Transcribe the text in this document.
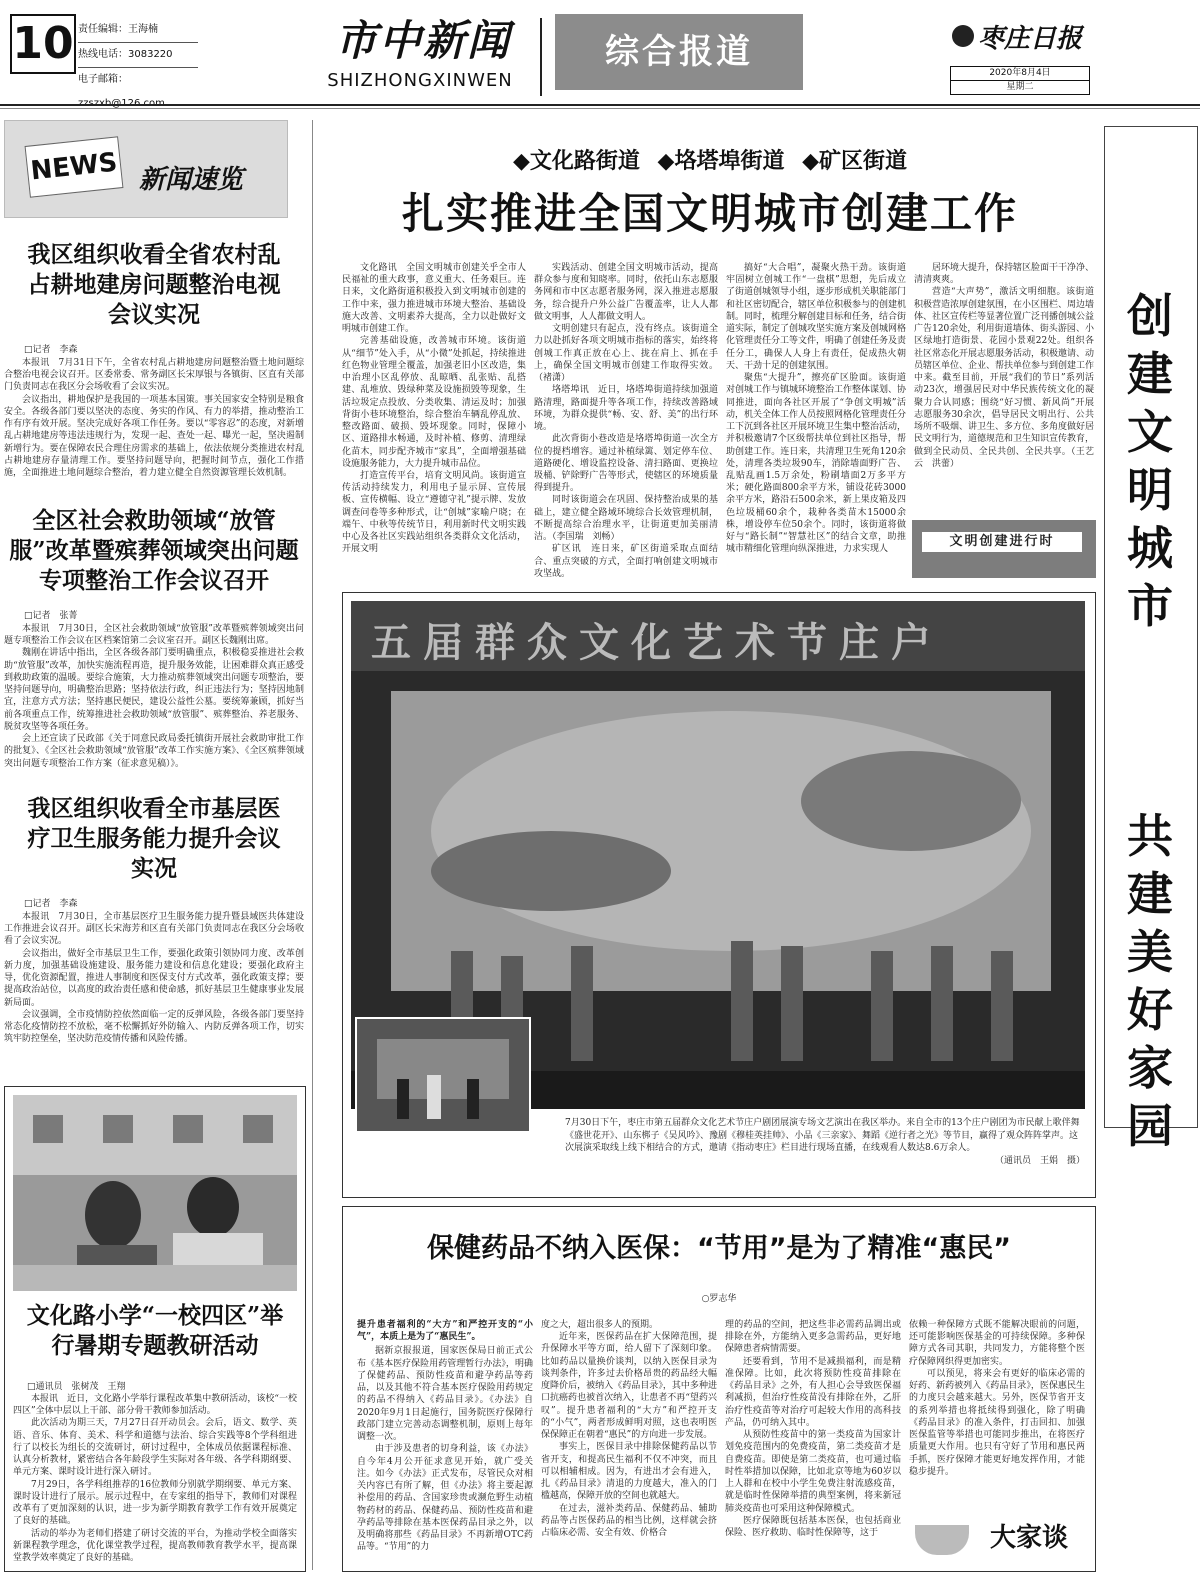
10 责任编辑：王海楠
热线电话：3083220
电子邮箱：
市中新闻
SHIZHONGXINWEN
综合报道	枣庄日报
2020年8月4日
星期二
NEWS 新闻速览
我区组织收看全省农村乱占耕地建房问题整治电视会议实况
□记者　李森

本报讯　7月31日下午，全省农村乱占耕地建房问题整治暨土地问题综合整治电视会议召开。区委常委、常务副区长宋厚银与各镇街、区直有关部门负责同志在我区分会场收看了会议实况。

会议指出，耕地保护是我国的一项基本国策。事关国家安全特别是粮食安全。各级各部门要以坚决的态度、务实的作风、有力的举措，推动整治工作有序有效开展。坚决完成好各项工作任务。要以“零容忍”的态度，对新增乱占耕地建房等违法违规行为，发现一起、查处一起、曝光一起，坚决遏制新增行为。要在保障农民合理住房需求的基础上，依法依规分类推进农村乱占耕地建房存量清理工作。要坚持问题导向，把握时间节点，强化工作措施，全面推进土地问题综合整治，着力建立健全自然资源管理长效机制。

全区社会救助领域“放管服”改革暨殡葬领域突出问题专项整治工作会议召开
□记者　张菁

本报讯　7月30日，全区社会救助领域“放管服”改革暨殡葬领域突出问题专项整治工作会议在区档案馆第二会议室召开。副区长魏刚出席。

魏刚在讲话中指出，全区各级各部门要明确重点，积极稳妥推进社会救助“放管服”改革，加快实施流程再造，提升服务效能，让困难群众真正感受到救助政策的温暖。要综合施策，大力推动殡葬领域突出问题专项整治，要坚持问题导向，明确整治思路；坚持依法行政，纠正违法行为；坚持因地制宜，注意方式方法；坚持惠民便民，建设公益性公墓。要统筹兼顾，抓好当前各项重点工作，统筹推进社会救助领域“放管服”、殡葬整治、养老服务、脱贫攻坚等各项任务。

会上还宣读了民政部《关于同意民政局委托镇街开展社会救助审批工作的批复》、《全区社会救助领域“放管服”改革工作实施方案》、《全区殡葬领域突出问题专项整治工作方案（征求意见稿）》。

我区组织收看全市基层医疗卫生服务能力提升会议实况
□记者　李森

本报讯　7月30日，全市基层医疗卫生服务能力提升暨县域医共体建设工作推进会议召开。副区长宋海芳和区直有关部门负责同志在我区分会场收看了会议实况。

会议指出，做好全市基层卫生工作，要强化政策引领协同力度、改革创新力度，加强基础设施建设、服务能力建设和信息化建设；要强化政府主导，优化资源配置，推进人事制度和医保支付方式改革，强化政策支撑；要提高政治站位，以高度的政治责任感和使命感，抓好基层卫生健康事业发展新局面。

会议强调，全市疫情防控依然面临一定的反弹风险，各级各部门要坚持常态化疫情防控不放松，毫不松懈抓好外防输入、内防反弹各项工作，切实筑牢防控堡垒，坚决防范疫情传播和风险传播。

文化路小学“一校四区”举行暑期专题教研活动
□通讯员　张树茂　王翔

本报讯　近日，文化路小学举行课程改革集中教研活动，该校“一校四区”全体中层以上干部、部分骨干教师参加活动。

此次活动为期三天，7月27日召开动员会。会后，语文、数学、英语、音乐、体育、美术、科学和道德与法治、综合实践等8个学科组进行了以校长为组长的交流研讨，研讨过程中，全体成员依据课程标准、认真分析教材，紧密结合各年龄段学生实际对各年级、各学科期纲要、单元方案、课时设计进行深入研讨。

7月29日，各学科组推荐的16位教师分别就学期纲要、单元方案、课时设计进行了展示。展示过程中，在专家组的指导下，教师们对课程改革有了更加深刻的认识，进一步为新学期教育教学工作有效开展奠定了良好的基础。

活动的举办为老师们搭建了研讨交流的平台，为推动学校全面落实新课程教学理念，优化课堂教学过程，提高教师教育教学水平，提高课堂教学效率奠定了良好的基础。

◆文化路街道 ◆垎塔埠街道 ◆矿区街道
扎实推进全国文明城市创建工作

文化路讯　全国文明城市创建关乎全市人民福祉的重大政事，意义重大、任务艰巨。连日来，文化路街道积极投入到文明城市创建的工作中来，强力推进城市环境大整治、基础设施大改善、文明素养大提高，全力以赴做好文明城市创建工作。

完善基础设施，改善城市环境。该街道从“细节”处入手，从“小微”处抓起，持续推进红色物业管理全覆盖，加强老旧小区改造，集中治理小区乱停放、乱晾晒、乱张贴、乱搭建、乱堆放、毁绿种菜及设施损毁等现象，生活垃圾定点投放、分类收集、清运及时；加强背街小巷环境整治，综合整治车辆乱停乱放、整改路面、破损、毁坏现象。同时，保障小区、道路排水畅通，及时补植、修剪、清理绿化苗木，同步配齐城市“家具”，全面增强基础设施服务能力，大力提升城市品位。

打造宣传平台，培育文明风尚。该街道宣传活动持续发力，利用电子显示屏、宣传展板、宣传横幅、设立“遵德守礼”提示牌、发放调查问卷等多种形式，让“创城”家喻户晓；在端午、中秋等传统节日，利用新时代文明实践中心及各社区实践站组织各类群众文化活动，开展文明

实践活动、创建全国文明城市活动，提高群众参与度和知晓率。同时，依托山东志愿服务网和市中区志愿者服务网，深入推进志愿服务，综合提升户外公益广告覆盖率，让人人都做文明事，人人都做文明人。

文明创建只有起点，没有终点。该街道全力以赴抓好各项文明城市指标的落实，始终将创城工作真正放在心上、拢在肩上、抓在手上，确保全国文明城市创建工作取得实效。（褚潇）

垎塔埠讯　近日，垎塔埠街道持续加强道路清理，路面提升等各项工作，持续改善路域环境，为群众提供“畅、安、舒、美”的出行环境。

此次背街小巷改造是垎塔埠街道一次全方位的提档增容。通过补植绿篱、划定停车位、道路硬化、增设监控设备、清扫路面、更换垃圾桶、铲除野广告等形式，使辖区的环境质量得到提升。

同时该街道会在巩固、保持整治成果的基础上，建立健全路域环境综合长效管理机制，不断提高综合治理水平，让街道更加美丽清洁。（李国瑞　刘畅）

矿区讯　连日来，矿区街道采取点面结合、重点突破的方式，全面打响创建文明城市攻坚战。

搞好“大合唱”，凝聚火热干劲。该街道牢固树立创城工作“一盘棋”思想，先后成立了街道创城领导小组，逐步形成机关职能部门和社区密切配合，辖区单位积极参与的创建机制。同时，梳理分解创建目标和任务，结合街道实际，制定了创城攻坚实施方案及创城网格化管理责任分工等文件，明确了创建任务及责任分工，确保人人身上有责任，促成热火朝天、干劲十足的创建氛围。

聚焦“大提升”，擦亮矿区脸面。该街道对创城工作与镇城环境整治工作整体谋划、协同推进，面向各社区开展了“争创文明城”活动，机关全体工作人员按照网格化管理责任分工下沉到各社区开展环境卫生集中整治活动，并积极邀请7个区级帮扶单位到社区指导，帮助创建工作。连日来，共清理卫生死角120余处，清理各类垃圾90车，消除墙面野广告、乱贴乱画1.5万余处，粉刷墙面2万多平方米；硬化路面800余平方米，铺设花砖3000余平方米，路沿石500余米，新上果皮箱及四色垃圾桶60余个，栽种各类苗木15000余株，增设停车位50余个。同时，该街道将做好与“路长制”“智慧社区”的结合文章，助推城市精细化管理向纵深推进，力求实现人

居环境大提升，保持辖区脸面干干净净、清清爽爽。

营造“大声势”，激活文明细胞。该街道积极营造浓厚创建氛围，在小区围栏、周边墙体、社区宣传栏等显著位置广泛刊播创城公益广告120余处，利用街道墙体、街头游园、小区绿地打造街景、花园小景观22处。组织各社区常态化开展志愿服务活动，积极邀请、动员辖区单位、企业、帮扶单位参与到创建工作中来。截至目前，开展“我们的节日”系列活动23次，增强居民对中华民族传统文化的凝聚力合认同感；围绕“好习惯、新风尚”开展志愿服务30余次，倡导居民文明出行、公共场所不吸烟、讲卫生、多方位、多角度做好居民文明行为，道德规范和卫生知识宣传教育，做到全民动员、全民共创、全民共享。（王艺云　洪蕾）

文明创建进行时
创建文明城市
共建美好家园
五届群众文化艺术节庄户
7月30日下午，枣庄市第五届群众文化艺术节庄户剧团展演专场文艺演出在我区举办。来自全市的13个庄户剧团为市民献上歌伴舞《盛世花开》、山东梆子《吴风吟》、豫剧《穆桂英挂帅》、小品《三亲家》、舞蹈《逆行者之光》等节目，赢得了观众阵阵掌声。这次展演采取线上线下相结合的方式，邀请《指动枣庄》栏目进行现场直播，在线观看人数达8.6万余人。
（通讯员　王娟　摄）
保健药品不纳入医保：“节用”是为了精准“惠民”
○罗志华
提升患者福利的“大方”和严控开支的“小气”，本质上是为了“惠民生”。

据新京报报道，国家医保局日前正式公布《基本医疗保险用药管理暂行办法》，明确了保健药品、预防性疫苗和避孕药品等药品，以及其他不符合基本医疗保险用药规定的药品不得纳入《药品目录》。《办法》自2020年9月1日起施行，国务院医疗保障行政部门建立完善动态调整机制，原则上每年调整一次。

由于涉及患者的切身利益，该《办法》自今年4月公开征求意见开始，就广受关注。如今《办法》正式发布，尽管民众对相关内容已有所了解，但《办法》将主要起源补偿用的药品、含国家珍贵或濒危野生动植物药材的药品、保健药品、预防性疫苗和避孕药品等排除在基本医保药品目录之外，以及明确将那些《药品目录》不再新增OTC药品等。“节用”的力

度之大，超出很多人的预期。

近年来，医保药品在扩大保障范围，提升保障水平等方面，给人留下了深刻印象。比如药品以量换价谈判，以纳入医保目录为谈判条件，许多过去价格昂贵的药品经大幅度降价后，被纳入《药品目录》，其中多种进口抗癌药也被首次纳入，让患者不再“望药兴叹”。提升患者福利的“大方”和严控开支的“小气”，两者形成鲜明对照，这也表明医保保障正在朝着“惠民”的方向进一步发展。

事实上，医保目录中排除保健药品以节省开支，和提高民生福利不仅不冲突，而且可以相辅相成。因为，有进出才会有进入，扎《药品目录》清退的力度越大，准入的门槛越高，保障开放的空间也就越大。

在过去，滋补类药品、保健药品、辅助药品等占医保药品的相当比例，这样就会挤占临床必需、安全有效、价格合

理的药品的空间，把这些非必需药品调出或排除在外，方能纳入更多急需药品，更好地保障患者病情需要。

还要看到，节用不是减损福利，而是精准保障。比如，此次将预防性疫苗排除在《药品目录》之外，有人担心会导致医保福利减损，但治疗性疫苗没有排除在外，乙肝治疗性疫苗等对治疗可起较大作用的高科技产品，仍可纳入其中。

从预防性疫苗中的第一类疫苗为国家计划免疫范围内的免费疫苗，第二类疫苗才是自费疫苗。即使是第二类疫苗，也可通过临时性举措加以保障，比如北京等地为60岁以上人群和在校中小学生免费注射流感疫苗，就是临时性保障举措的典型案例，将来新冠肺炎疫苗也可采用这种保障模式。

医疗保障既包括基本医保，也包括商业保险、医疗救助、临时性保障等，这于

依赖一种保障方式既不能解决眼前的问题，还可能影响医保基金的可持续保障。多种保障方式各司其职，共同发力，方能将整个医疗保障网织得更加密实。

可以预见，将来会有更好的临床必需的好药、新药被列入《药品目录》，医保惠民生的力度只会越来越大。另外，医保节省开支的系列举措也将抵续得到强化，除了明确《药品目录》的准入条件，打击回扣、加强医保监管等举措也可能同步推出，在将医疗质量更大作用。也只有守好了节用和惠民两手抓，医疗保障才能更好地发挥作用，才能稳步提升。

大家谈
